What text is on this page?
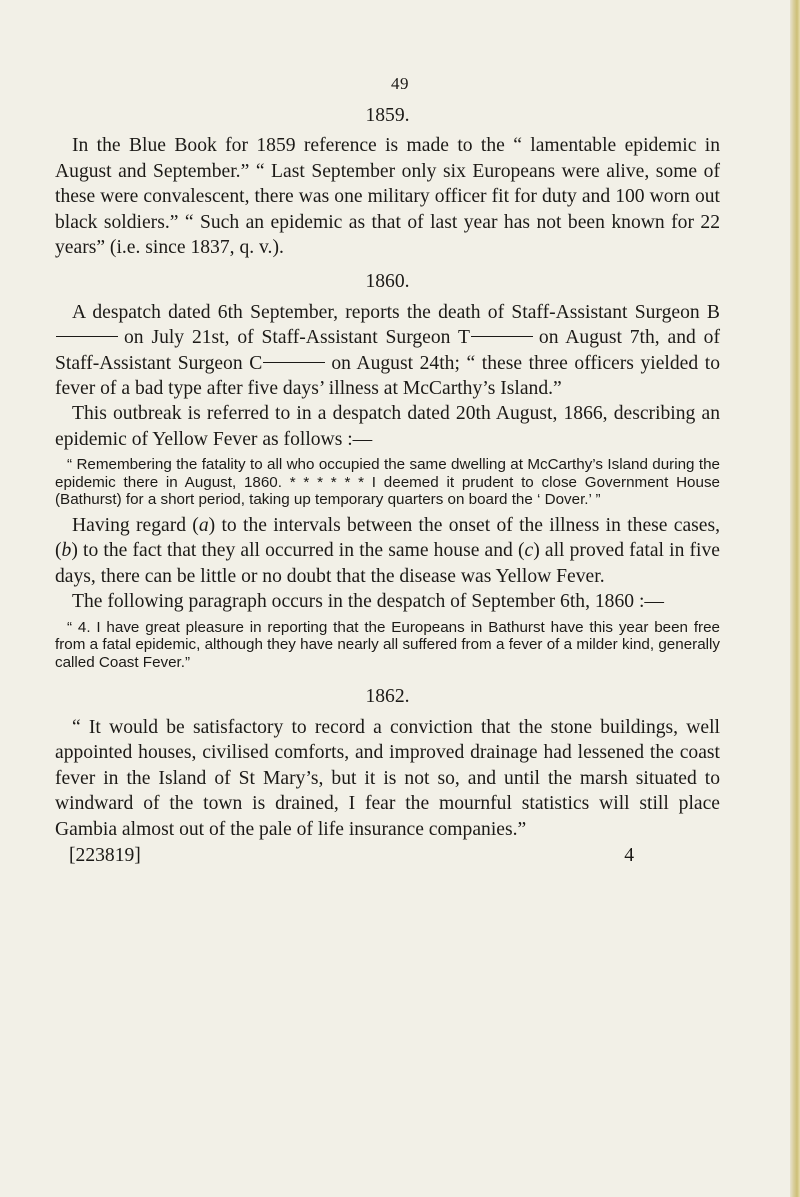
49
1859.

In the Blue Book for 1859 reference is made to the “ lamentable epidemic in August and September.” “ Last September only six Europeans were alive, some of these were convalescent, there was one military officer fit for duty and 100 worn out black soldiers.” “ Such an epidemic as that of last year has not been known for 22 years” (i.e. since 1837, q. v.).

1860.

A despatch dated 6th September, reports the death of Staff-Assistant Surgeon Bon July 21st, of Staff-Assistant Surgeon T	on August 7th, and of Staff-Assistant Surgeon C	on August 24th; “ these three officers yielded to fever of a bad type after five days’ illness at McCarthy’s Island.”

This outbreak is referred to in a despatch dated 20th August, 1866, describing an epidemic of Yellow Fever as follows :—

“ Remembering the fatality to all who occupied the same dwelling at McCarthy’s Island during the epidemic there in August, 1860. * * * * * * I deemed it prudent to close Government House (Bathurst) for a short period, taking up temporary quarters on board the ‘ Dover.’ ”

Having regard (a) to the intervals between the onset of the illness in these cases, (b) to the fact that they all occurred in the same house and (c) all proved fatal in five days, there can be little or no doubt that the disease was Yellow Fever.

The following paragraph occurs in the despatch of September 6th, 1860 :—

“ 4. I have great pleasure in reporting that the Europeans in Bathurst have this year been free from a fatal epidemic, although they have nearly all suffered from a fever of a milder kind, generally called Coast Fever.”
1862.

“ It would be satisfactory to record a conviction that the stone buildings, well appointed houses, civilised comforts, and improved drainage had lessened the coast fever in the Island of St Mary’s, but it is not so, and until the marsh situated to windward of the town is drained, I fear the mournful statistics will still place Gambia almost out of the pale of life insurance companies.”

[223819]	4
